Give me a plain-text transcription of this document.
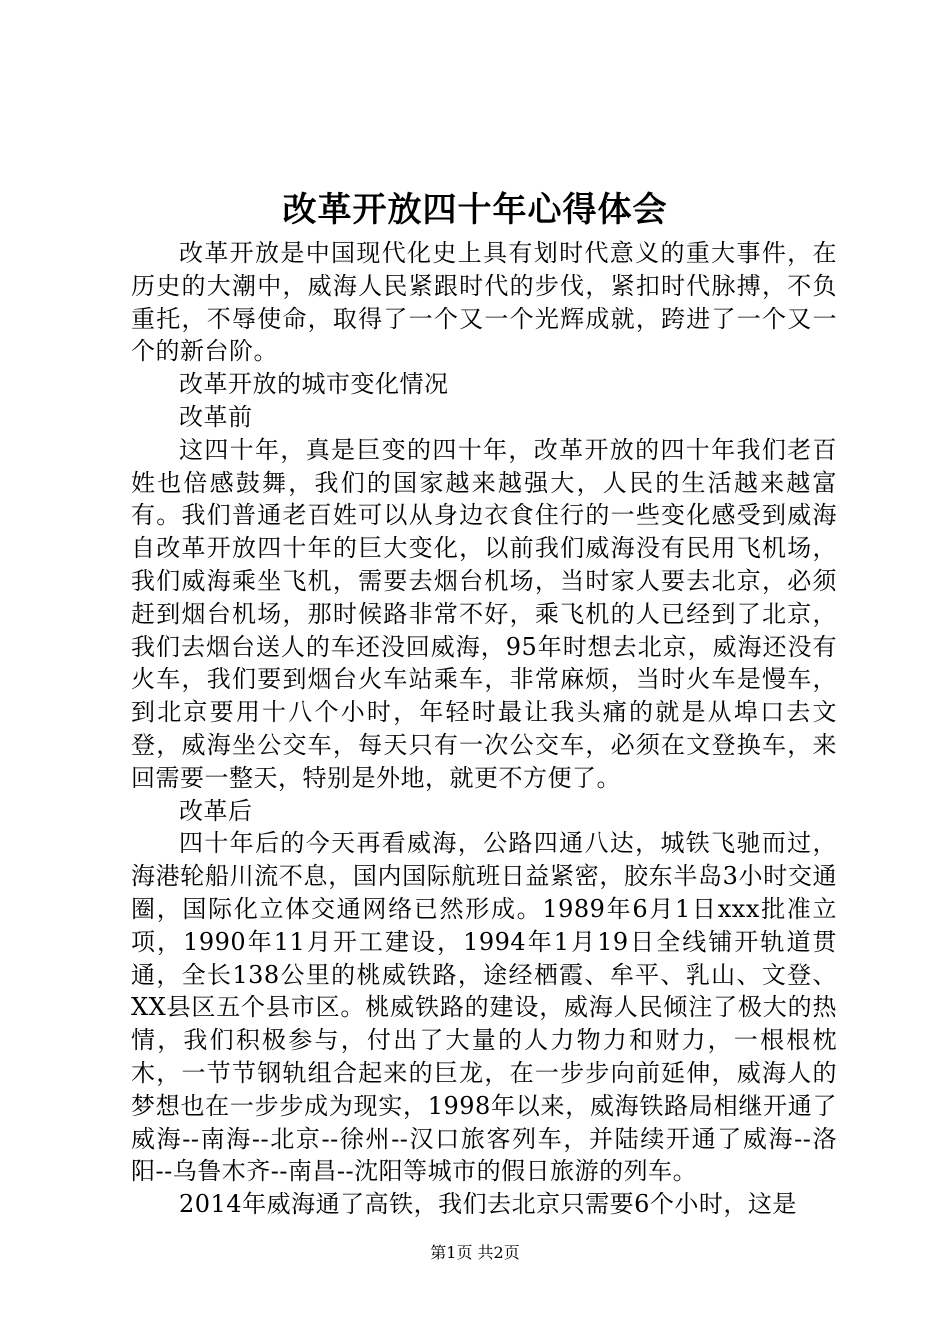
改革开放四十年心得体会

改革开放是中国现代化史上具有划时代意义的重大事件，在历史的大潮中，威海人民紧跟时代的步伐，紧扣时代脉搏，不负重托，不辱使命，取得了一个又一个光辉成就，跨进了一个又一个的新台阶。

改革开放的城市变化情况

改革前

这四十年，真是巨变的四十年，改革开放的四十年我们老百姓也倍感鼓舞，我们的国家越来越强大，人民的生活越来越富有。我们普通老百姓可以从身边衣食住行的一些变化感受到威海自改革开放四十年的巨大变化，以前我们威海没有民用飞机场，我们威海乘坐飞机，需要去烟台机场，当时家人要去北京，必须赶到烟台机场，那时候路非常不好，乘飞机的人已经到了北京，我们去烟台送人的车还没回威海，95年时想去北京，威海还没有火车，我们要到烟台火车站乘车，非常麻烦，当时火车是慢车，到北京要用十八个小时，年轻时最让我头痛的就是从埠口去文登，威海坐公交车，每天只有一次公交车，必须在文登换车，来回需要一整天，特别是外地，就更不方便了。

改革后

四十年后的今天再看威海，公路四通八达，城铁飞驰而过，海港轮船川流不息，国内国际航班日益紧密，胶东半岛3小时交通圈，国际化立体交通网络已然形成。1989年6月1日xxx批准立项，1990年11月开工建设，1994年1月19日全线铺开轨道贯通，全长138公里的桃威铁路，途经栖霞、牟平、乳山、文登、XX县区五个县市区。桃威铁路的建设，威海人民倾注了极大的热情，我们积极参与，付出了大量的人力物力和财力，一根根枕木，一节节钢轨组合起来的巨龙，在一步步向前延伸，威海人的梦想也在一步步成为现实，1998年以来，威海铁路局相继开通了威海--南海--北京--徐州--汉口旅客列车，并陆续开通了威海--洛阳--乌鲁木齐--南昌--沈阳等城市的假日旅游的列车。

2014年威海通了高铁，我们去北京只需要6个小时，这是

第1页 共2页
